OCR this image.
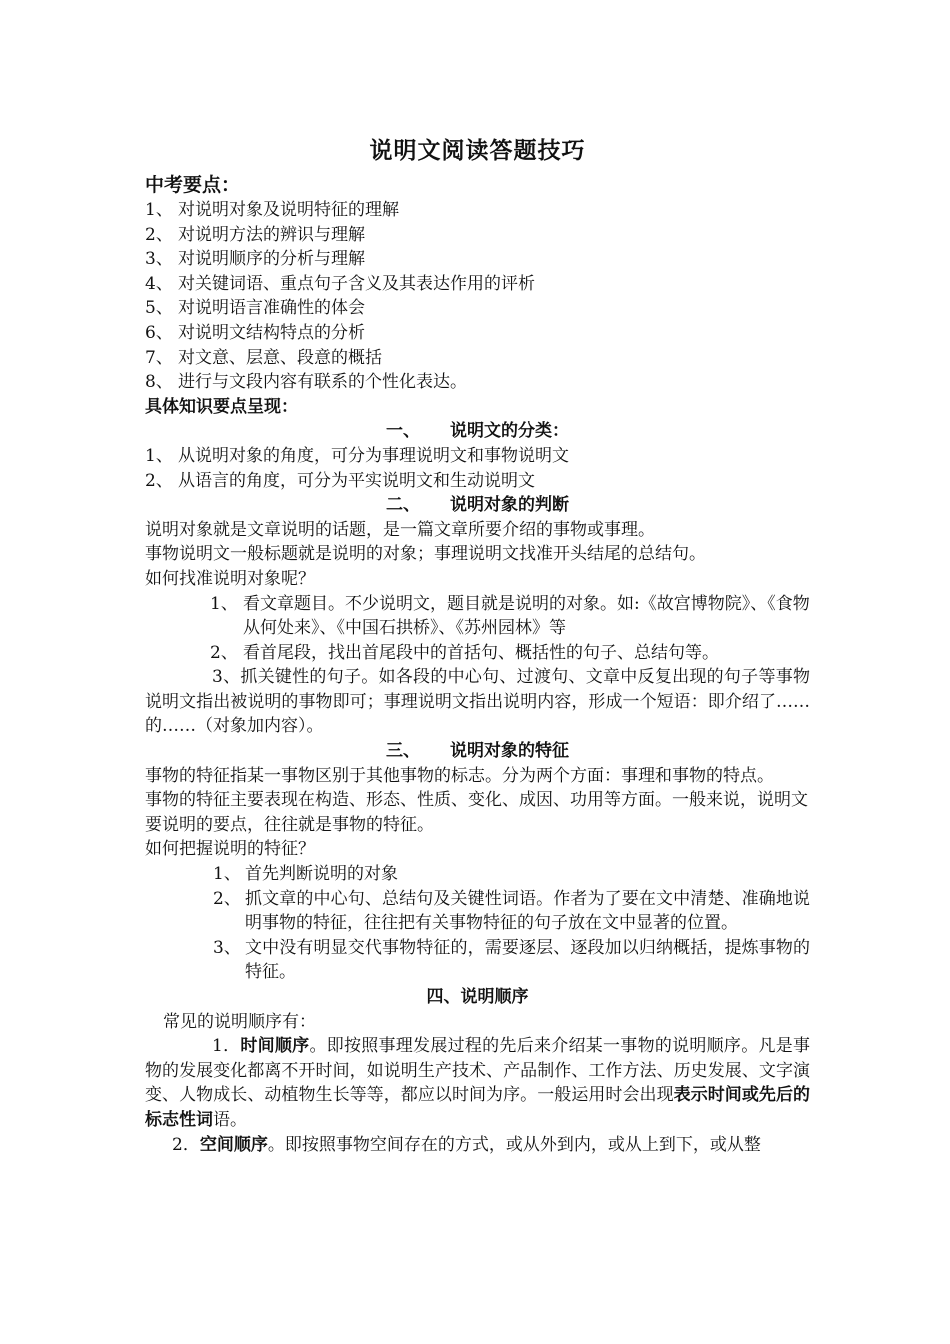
说明文阅读答题技巧
中考要点：
1、 对说明对象及说明特征的理解
2、 对说明方法的辨识与理解
3、 对说明顺序的分析与理解
4、 对关键词语、重点句子含义及其表达作用的评析
5、 对说明语言准确性的体会
6、 对说明文结构特点的分析
7、 对文意、层意、段意的概括
8、 进行与文段内容有联系的个性化表达。
具体知识要点呈现：
一、 说明文的分类：
1、 从说明对象的角度，可分为事理说明文和事物说明文
2、 从语言的角度，可分为平实说明文和生动说明文
二、 说明对象的判断
说明对象就是文章说明的话题，是一篇文章所要介绍的事物或事理。
事物说明文一般标题就是说明的对象；事理说明文找准开头结尾的总结句。
如何找准说明对象呢？
1、 看文章题目。不少说明文，题目就是说明的对象。如:《故宫博物院》、《食物从何处来》、《中国石拱桥》、《苏州园林》等
2、 看首尾段，找出首尾段中的首括句、概括性的句子、总结句等。
3、抓关键性的句子。如各段的中心句、过渡句、文章中反复出现的句子等事物说明文指出被说明的事物即可；事理说明文指出说明内容，形成一个短语：即介绍了……的……（对象加内容）。
三、 说明对象的特征
事物的特征指某一事物区别于其他事物的标志。分为两个方面：事理和事物的特点。
事物的特征主要表现在构造、形态、性质、变化、成因、功用等方面。一般来说，说明文要说明的要点，往往就是事物的特征。
如何把握说明的特征？
1、 首先判断说明的对象
2、 抓文章的中心句、总结句及关键性词语。作者为了要在文中清楚、准确地说明事物的特征，往往把有关事物特征的句子放在文中显著的位置。
3、 文中没有明显交代事物特征的，需要逐层、逐段加以归纳概括，提炼事物的特征。
四、说明顺序
常见的说明顺序有：
1．时间顺序。即按照事理发展过程的先后来介绍某一事物的说明顺序。凡是事物的发展变化都离不开时间，如说明生产技术、产品制作、工作方法、历史发展、文字演变、人物成长、动植物生长等等，都应以时间为序。一般运用时会出现表示时间或先后的标志性词语。
2．空间顺序。即按照事物空间存在的方式，或从外到内，或从上到下，或从整
